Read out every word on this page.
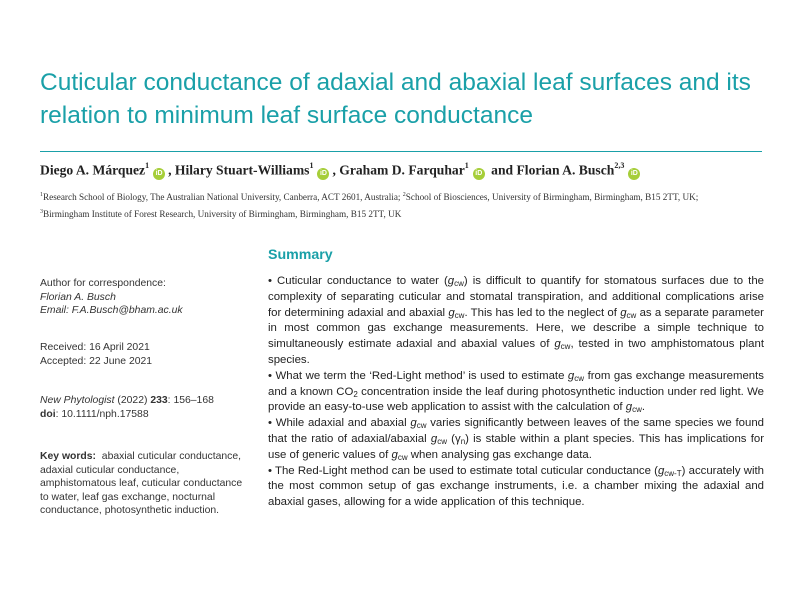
Cuticular conductance of adaxial and abaxial leaf surfaces and its
relation to minimum leaf surface conductance
Diego A. Márquez$^1$iD , Hilary Stuart-Williams$^1$iD , Graham D. Farquhar$^1$iD and Florian A. Busch$^{2,3}$iD
$^1$Research School of Biology, The Australian National University, Canberra, ACT 2601, Australia; $^2$School of Biosciences, University of Birmingham, Birmingham, B15 2TT, UK;
$^3$Birmingham Institute of Forest Research, University of Birmingham, Birmingham, B15 2TT, UK

Author for correspondence:

Florian A. Busch

Email: F.A.Busch@bham.ac.uk

Received: 16 April 2021

Accepted: 22 June 2021

New Phytologist (2022) 233: 156–168

doi: 10.1111/nph.17588

Key words: abaxial cuticular conductance,

adaxial cuticular conductance,

amphistomatous leaf, cuticular conductance

to water, leaf gas exchange, nocturnal

conductance, photosynthetic induction.

Summary

• Cuticular conductance to water $(g_{cw})$ is difficult to quantify for stomatous surfaces due to the complexity of separating cuticular and stomatal transpiration, and additional complications arise for determining adaxial and abaxial $g_{cw}$. This has led to the neglect of $g_{cw}$ as a separate parameter in most common gas exchange measurements. Here, we describe a simple technique to simultaneously estimate adaxial and abaxial values of $g_{cw}$, tested in two amphistomatous plant species.

• What we term the ‘Red-Light method’ is used to estimate $g_{cw}$ from gas exchange measurements and a known $CO_2$ concentration inside the leaf during photosynthetic induction under red light. We provide an easy-to-use web application to assist with the calculation of $g_{cw}$.

• While adaxial and abaxial $g_{cw}$ varies significantly between leaves of the same species we found that the ratio of adaxial/abaxial $g_{cw}$ $(\gamma_n)$ is stable within a plant species. This has implications for use of generic values of $g_{cw}$ when analysing gas exchange data.

• The Red-Light method can be used to estimate total cuticular conductance $(g_{cw-T})$ accurately with the most common setup of gas exchange instruments, i.e. a chamber mixing the adaxial and abaxial gases, allowing for a wide application of this technique.
